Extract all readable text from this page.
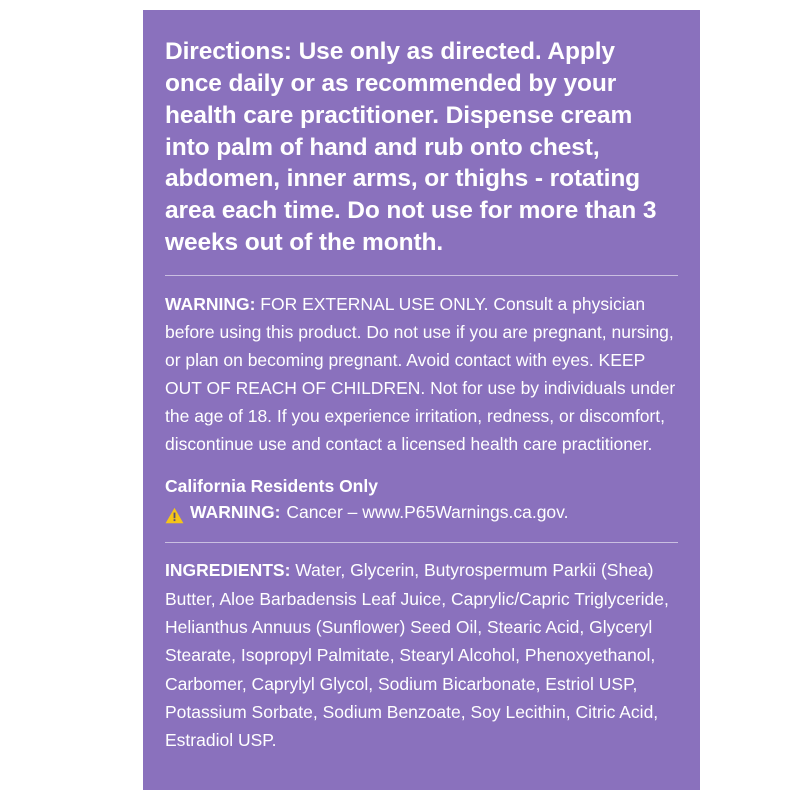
Directions: Use only as directed. Apply once daily or as recommended by your health care practitioner. Dispense cream into palm of hand and rub onto chest, abdomen, inner arms, or thighs - rotating area each time. Do not use for more than 3 weeks out of the month.

WARNING: FOR EXTERNAL USE ONLY. Consult a physician before using this product. Do not use if you are pregnant, nursing, or plan on becoming pregnant. Avoid contact with eyes. KEEP OUT OF REACH OF CHILDREN. Not for use by individuals under the age of 18. If you experience irritation, redness, or discomfort, discontinue use and contact a licensed health care practitioner.

California Residents Only

WARNING: Cancer – www.P65Warnings.ca.gov.

INGREDIENTS: Water, Glycerin, Butyrospermum Parkii (Shea) Butter, Aloe Barbadensis Leaf Juice, Caprylic/Capric Triglyceride, Helianthus Annuus (Sunflower) Seed Oil, Stearic Acid, Glyceryl Stearate, Isopropyl Palmitate, Stearyl Alcohol, Phenoxyethanol, Carbomer, Caprylyl Glycol, Sodium Bicarbonate, Estriol USP, Potassium Sorbate, Sodium Benzoate, Soy Lecithin, Citric Acid, Estradiol USP.
